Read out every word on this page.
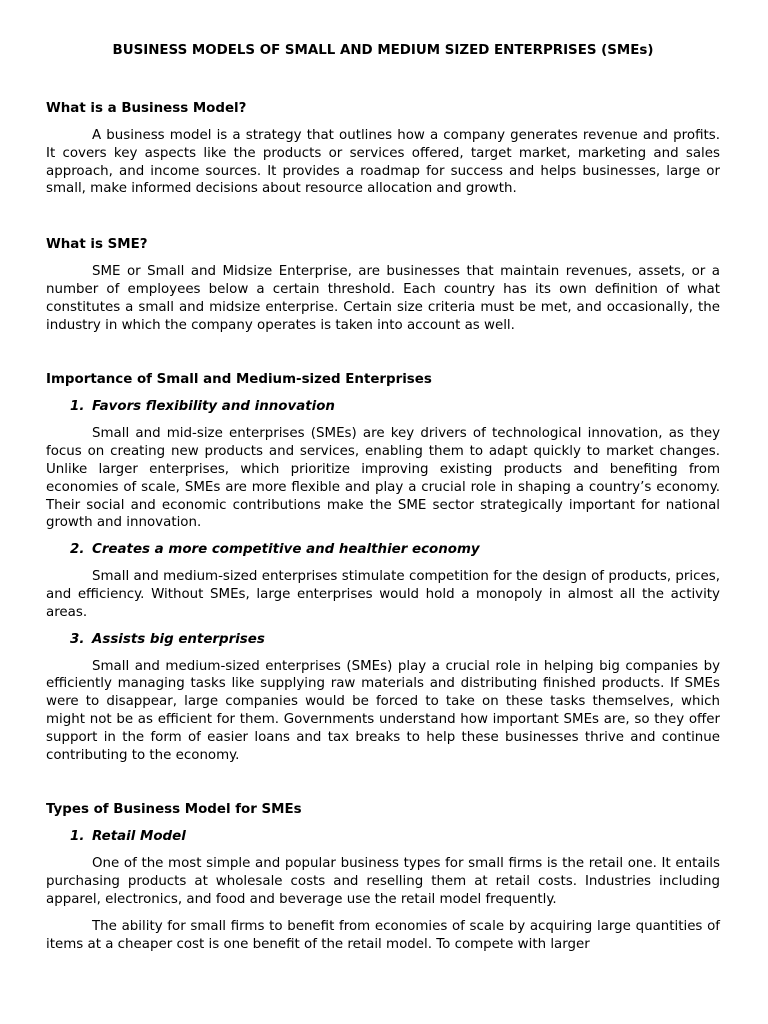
BUSINESS MODELS OF SMALL AND MEDIUM SIZED ENTERPRISES (SMEs)
What is a Business Model?

A business model is a strategy that outlines how a company generates revenue and profits. It covers key aspects like the products or services offered, target market, marketing and sales approach, and income sources. It provides a roadmap for success and helps businesses, large or small, make informed decisions about resource allocation and growth.

What is SME?

SME or Small and Midsize Enterprise, are businesses that maintain revenues, assets, or a number of employees below a certain threshold. Each country has its own definition of what constitutes a small and midsize enterprise. Certain size criteria must be met, and occasionally, the industry in which the company operates is taken into account as well.

Importance of Small and Medium-sized Enterprises
1. Favors flexibility and innovation

Small and mid-size enterprises (SMEs) are key drivers of technological innovation, as they focus on creating new products and services, enabling them to adapt quickly to market changes. Unlike larger enterprises, which prioritize improving existing products and benefiting from economies of scale, SMEs are more flexible and play a crucial role in shaping a country’s economy. Their social and economic contributions make the SME sector strategically important for national growth and innovation.

2. Creates a more competitive and healthier economy

Small and medium-sized enterprises stimulate competition for the design of products, prices, and efficiency. Without SMEs, large enterprises would hold a monopoly in almost all the activity areas.

3. Assists big enterprises

Small and medium-sized enterprises (SMEs) play a crucial role in helping big companies by efficiently managing tasks like supplying raw materials and distributing finished products. If SMEs were to disappear, large companies would be forced to take on these tasks themselves, which might not be as efficient for them. Governments understand how important SMEs are, so they offer support in the form of easier loans and tax breaks to help these businesses thrive and continue contributing to the economy.

Types of Business Model for SMEs
1. Retail Model

One of the most simple and popular business types for small firms is the retail one. It entails purchasing products at wholesale costs and reselling them at retail costs. Industries including apparel, electronics, and food and beverage use the retail model frequently.

The ability for small firms to benefit from economies of scale by acquiring large quantities of items at a cheaper cost is one benefit of the retail model. To compete with larger
